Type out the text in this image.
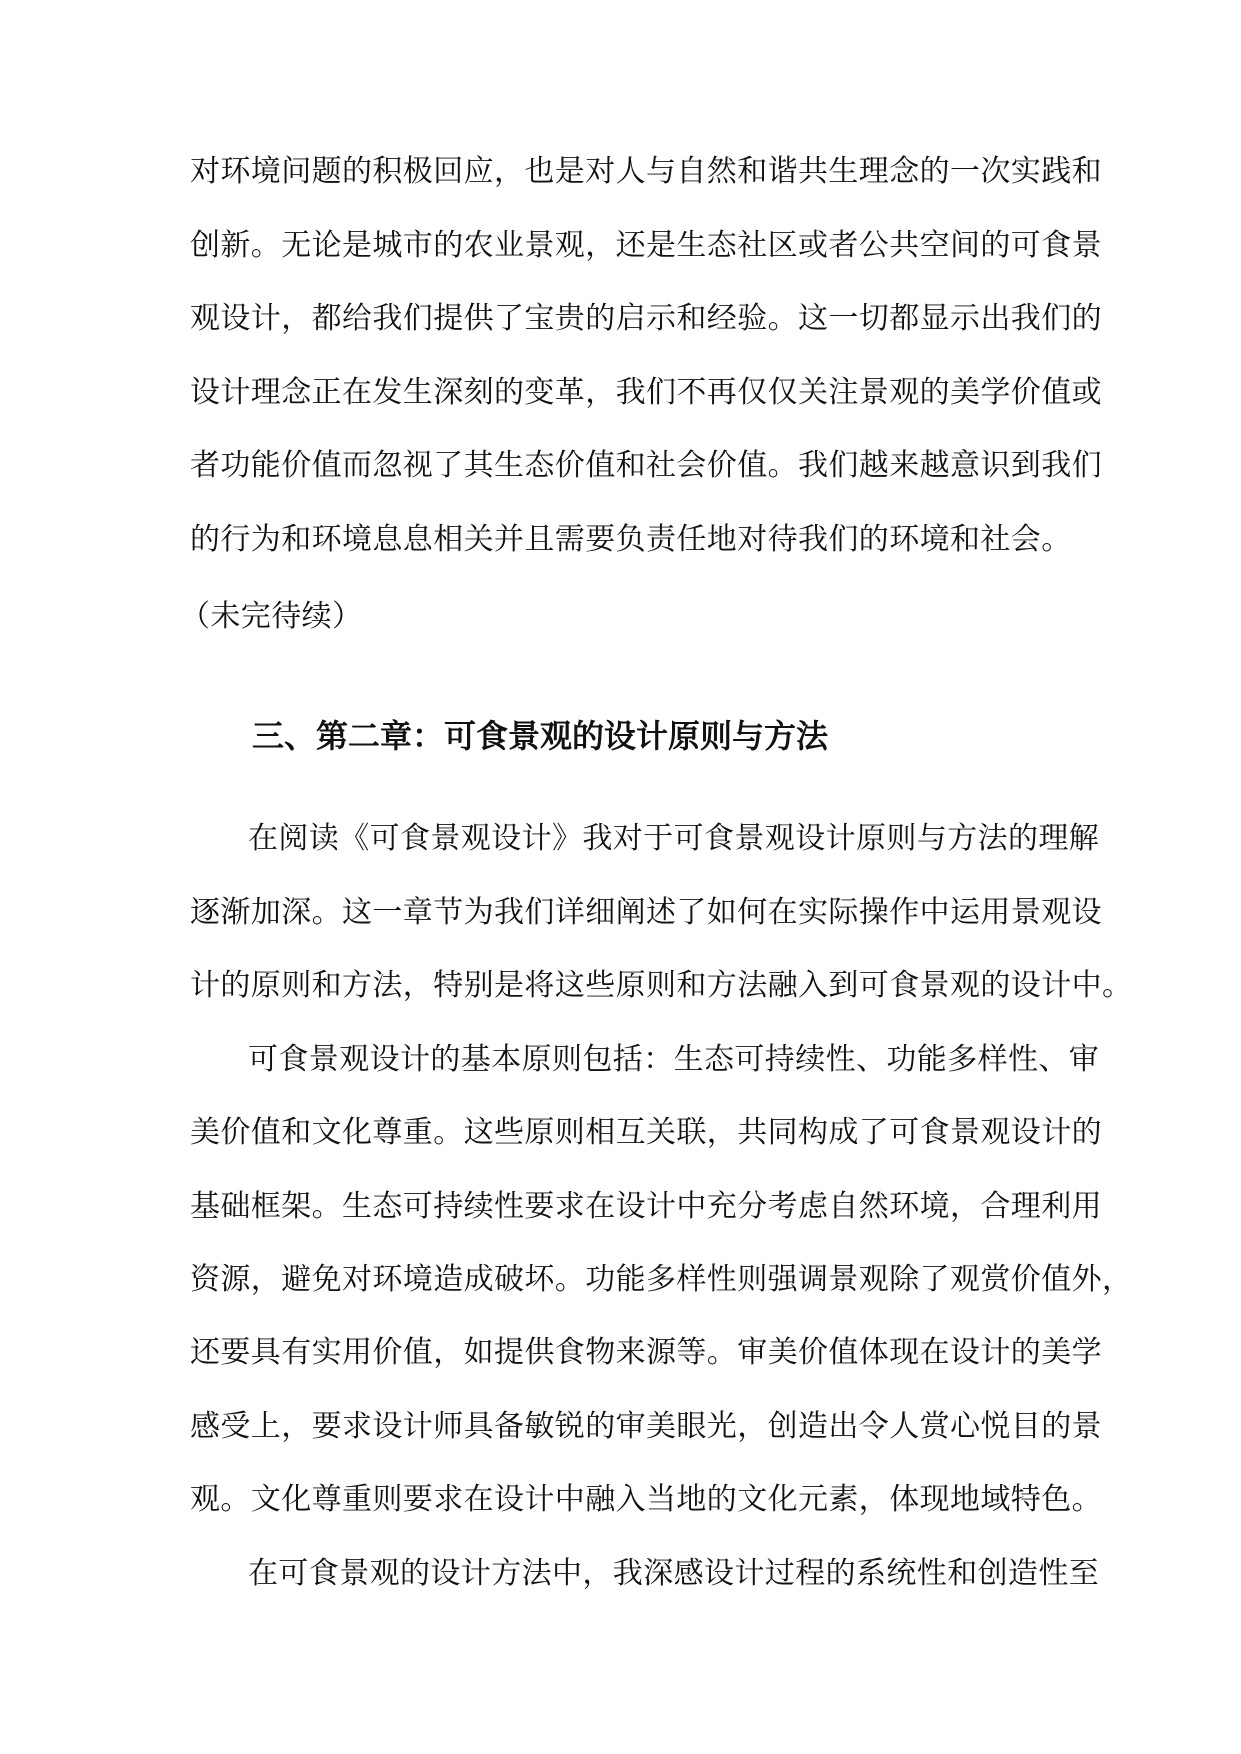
对环境问题的积极回应，也是对人与自然和谐共生理念的一次实践和
创新。无论是城市的农业景观，还是生态社区或者公共空间的可食景
观设计，都给我们提供了宝贵的启示和经验。这一切都显示出我们的
设计理念正在发生深刻的变革，我们不再仅仅关注景观的美学价值或
者功能价值而忽视了其生态价值和社会价值。我们越来越意识到我们
的行为和环境息息相关并且需要负责任地对待我们的环境和社会。
（未完待续）
三、第二章：可食景观的设计原则与方法
在阅读《可食景观设计》我对于可食景观设计原则与方法的理解
逐渐加深。这一章节为我们详细阐述了如何在实际操作中运用景观设
计的原则和方法，特别是将这些原则和方法融入到可食景观的设计中。
可食景观设计的基本原则包括：生态可持续性、功能多样性、审
美价值和文化尊重。这些原则相互关联，共同构成了可食景观设计的
基础框架。生态可持续性要求在设计中充分考虑自然环境，合理利用
资源，避免对环境造成破坏。功能多样性则强调景观除了观赏价值外，
还要具有实用价值，如提供食物来源等。审美价值体现在设计的美学
感受上，要求设计师具备敏锐的审美眼光，创造出令人赏心悦目的景
观。文化尊重则要求在设计中融入当地的文化元素，体现地域特色。
在可食景观的设计方法中，我深感设计过程的系统性和创造性至
